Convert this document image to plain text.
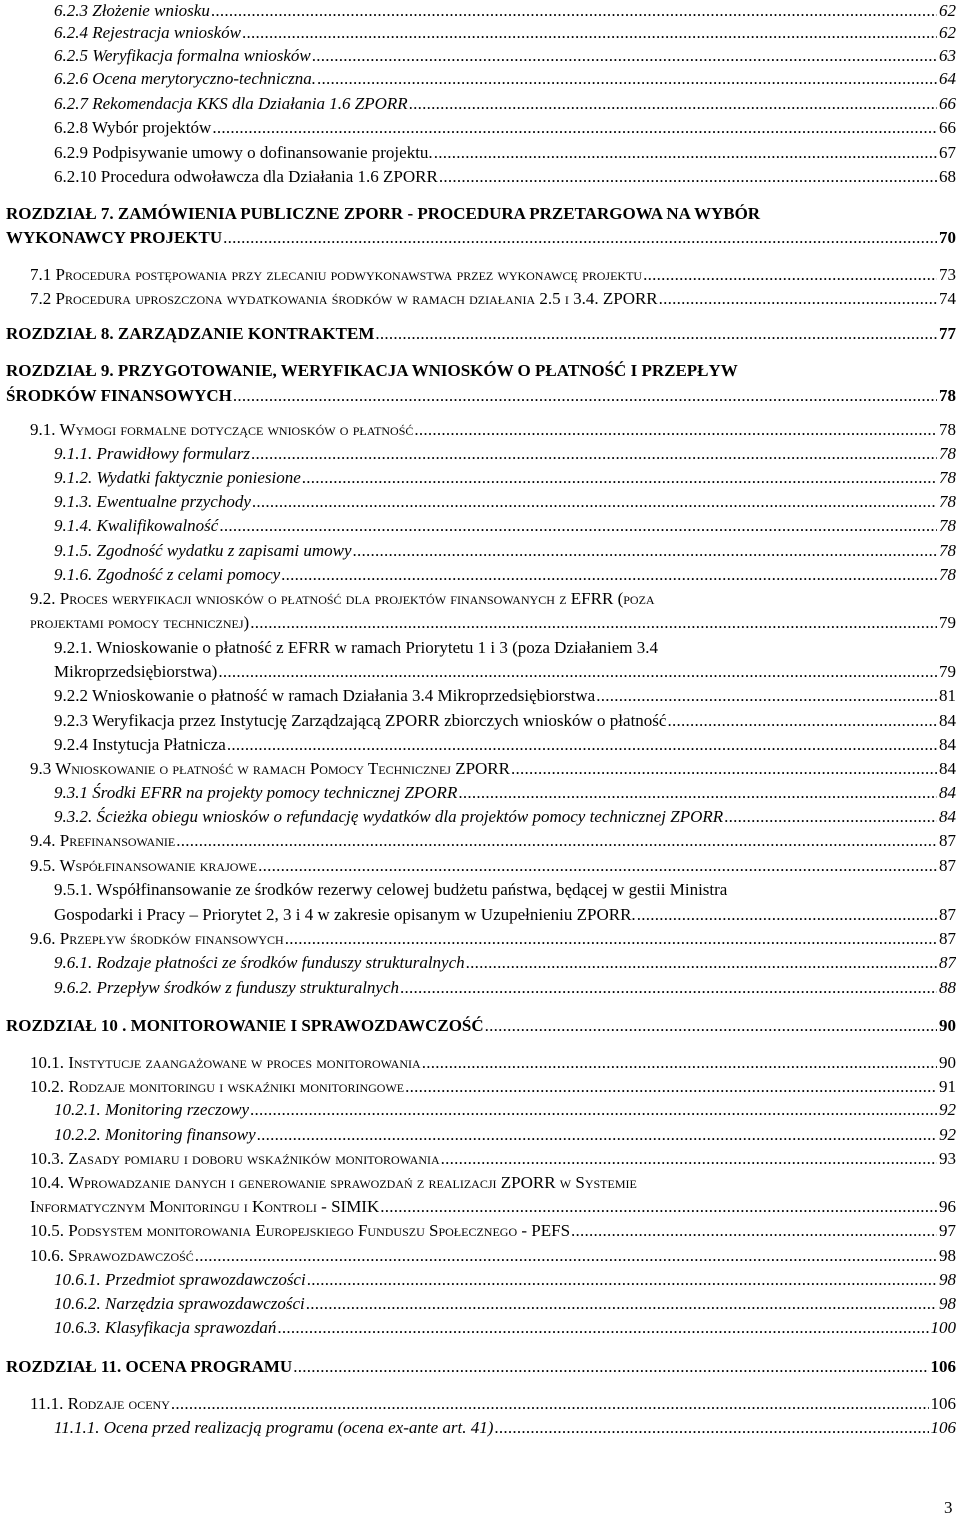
6.2.3 Złożenie wniosku . . .	62
6.2.4 Rejestracja wniosków . . .	62
6.2.5 Weryfikacja formalna wniosków . . .	63
6.2.6 Ocena merytoryczno-techniczna. . . .	64
6.2.7 Rekomendacja KKS dla Działania 1.6 ZPORR . . .	66
6.2.8 Wybór projektów . . .	66
6.2.9 Podpisywanie umowy o dofinansowanie projektu. . . .	67
6.2.10 Procedura odwoławcza dla Działania 1.6 ZPORR . . .	68
ROZDZIAŁ 7. ZAMÓWIENIA PUBLICZNE ZPORR - PROCEDURA PRZETARGOWA NA WYBÓR
WYKONAWCY PROJEKTU . . .	70
7.1 Procedura postępowania przy zlecaniu podwykonawstwa przez wykonawcę projektu . . .	73
7.2 Procedura uproszczona wydatkowania środków w ramach działania 2.5 i 3.4. ZPORR . . .	74
ROZDZIAŁ 8. ZARZĄDZANIE KONTRAKTEM . . .	77
ROZDZIAŁ 9. PRZYGOTOWANIE, WERYFIKACJA WNIOSKÓW O PŁATNOŚĆ I PRZEPŁYW
ŚRODKÓW FINANSOWYCH . . .	78
9.1. Wymogi formalne dotyczące wniosków o płatność . . .	78
9.1.1. Prawidłowy formularz . . .	78
9.1.2. Wydatki faktycznie poniesione . . .	78
9.1.3. Ewentualne przychody . . .	78
9.1.4. Kwalifikowalność . . .	78
9.1.5. Zgodność wydatku z zapisami umowy . . .	78
9.1.6. Zgodność z celami pomocy . . .	78
9.2. Proces weryfikacji wniosków o płatność dla projektów finansowanych z EFRR (poza
projektami pomocy technicznej) . . .	79
9.2.1. Wnioskowanie o płatność z EFRR w ramach Priorytetu 1 i 3 (poza Działaniem 3.4
Mikroprzedsiębiorstwa) . . .	79
9.2.2 Wnioskowanie o płatność w ramach Działania 3.4 Mikroprzedsiębiorstwa . . .	81
9.2.3 Weryfikacja przez Instytucję Zarządzającą ZPORR zbiorczych wniosków o płatność . . .	84
9.2.4 Instytucja Płatnicza . . .	84
9.3 Wnioskowanie o płatność w ramach Pomocy Technicznej ZPORR . . .	84
9.3.1 Środki EFRR na projekty pomocy technicznej ZPORR . . .	84
9.3.2. Ścieżka obiegu wniosków o refundację wydatków dla projektów pomocy technicznej ZPORR . . .	84
9.4. Prefinansowanie . . .	87
9.5. Współfinansowanie krajowe . . .	87
9.5.1. Współfinansowanie ze środków rezerwy celowej budżetu państwa, będącej w gestii Ministra
Gospodarki i Pracy – Priorytet 2, 3 i 4 w zakresie opisanym w Uzupełnieniu ZPORR. . . .	87
9.6. Przepływ środków finansowych . . .	87
9.6.1. Rodzaje płatności ze środków funduszy strukturalnych . . .	87
9.6.2. Przepływ środków z funduszy strukturalnych . . .	88
ROZDZIAŁ 10 . MONITOROWANIE I SPRAWOZDAWCZOŚĆ . . .	90
10.1. Instytucje zaangażowane w proces monitorowania . . .	90
10.2. Rodzaje monitoringu i wskaźniki monitoringowe . . .	91
10.2.1. Monitoring rzeczowy . . .	92
10.2.2. Monitoring finansowy . . .	92
10.3. Zasady pomiaru i doboru wskaźników monitorowania . . .	93
10.4. Wprowadzanie danych i generowanie sprawozdań z realizacji ZPORR w Systemie
Informatycznym Monitoringu i Kontroli - SIMIK . . .	96
10.5. Podsystem monitorowania Europejskiego Funduszu Społecznego - PEFS . . .	97
10.6. Sprawozdawczość . . .	98
10.6.1. Przedmiot sprawozdawczości . . .	98
10.6.2. Narzędzia sprawozdawczości . . .	98
10.6.3. Klasyfikacja sprawozdań . . .	100
ROZDZIAŁ 11. OCENA PROGRAMU . . .	106
11.1. Rodzaje oceny . . .	106
11.1.1. Ocena przed realizacją programu (ocena ex-ante art. 41) . . .	106
3
